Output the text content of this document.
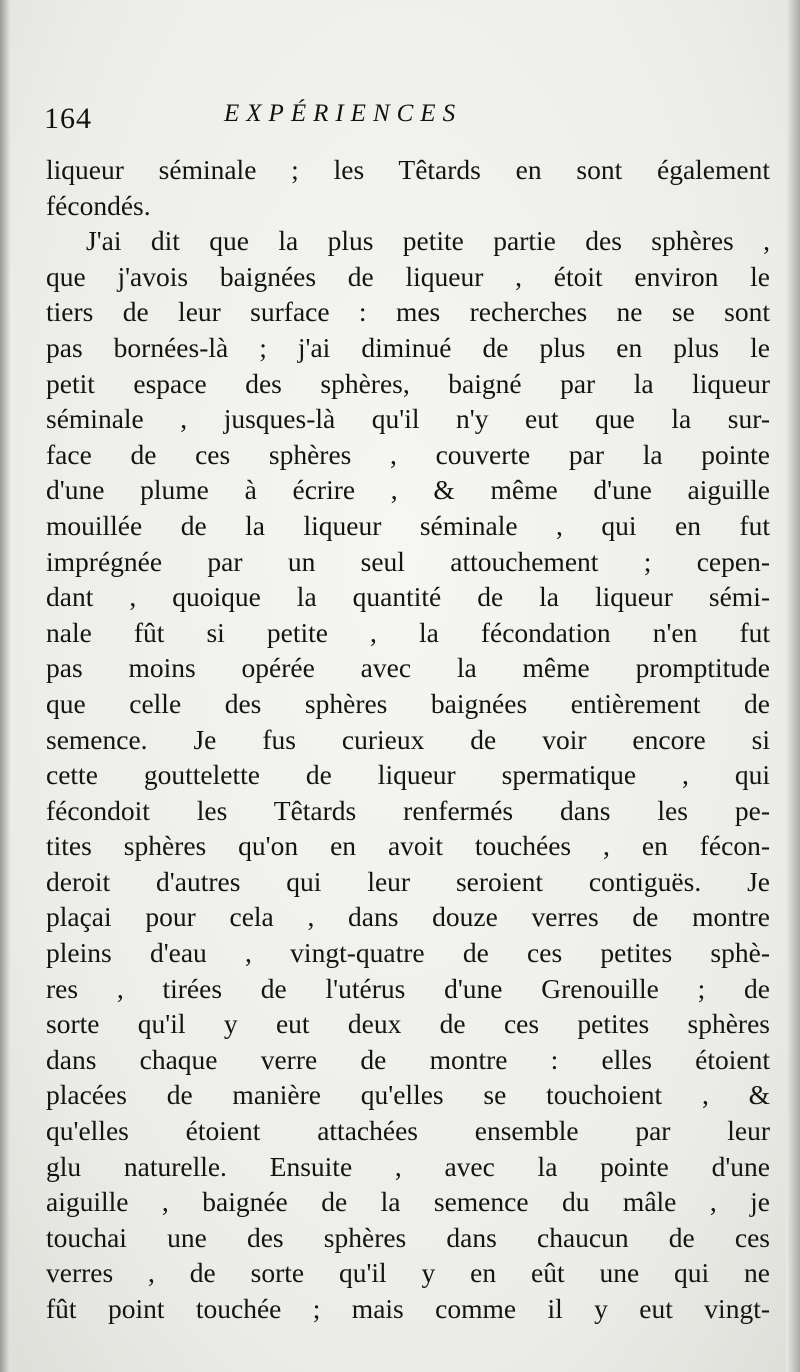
164	EXPÉRIENCES
liqueur séminale ; les Têtards en sont également
fécondés.
J'ai dit que la plus petite partie des sphères ,
que j'avois baignées de liqueur , étoit environ le
tiers de leur surface : mes recherches ne se sont
pas bornées-là ; j'ai diminué de plus en plus le
petit espace des sphères, baigné par la liqueur
séminale , jusques-là qu'il n'y eut que la sur-
face de ces sphères , couverte par la pointe
d'une plume à écrire , & même d'une aiguille
mouillée de la liqueur séminale , qui en fut
imprégnée par un seul attouchement ; cepen-
dant , quoique la quantité de la liqueur sémi-
nale fût si petite , la fécondation n'en fut
pas moins opérée avec la même promptitude
que celle des sphères baignées entièrement de
semence. Je fus curieux de voir encore si
cette gouttelette de liqueur spermatique , qui
fécondoit les Têtards renfermés dans les pe-
tites sphères qu'on en avoit touchées , en fécon-
deroit d'autres qui leur seroient contiguës. Je
plaçai pour cela , dans douze verres de montre
pleins d'eau , vingt-quatre de ces petites sphè-
res , tirées de l'utérus d'une Grenouille ; de
sorte qu'il y eut deux de ces petites sphères
dans chaque verre de montre : elles étoient
placées de manière qu'elles se touchoient , &
qu'elles étoient attachées ensemble par leur
glu naturelle. Ensuite , avec la pointe d'une
aiguille , baignée de la semence du mâle , je
touchai une des sphères dans chaucun de ces
verres , de sorte qu'il y en eût une qui ne
fût point touchée ; mais comme il y eut vingt-
